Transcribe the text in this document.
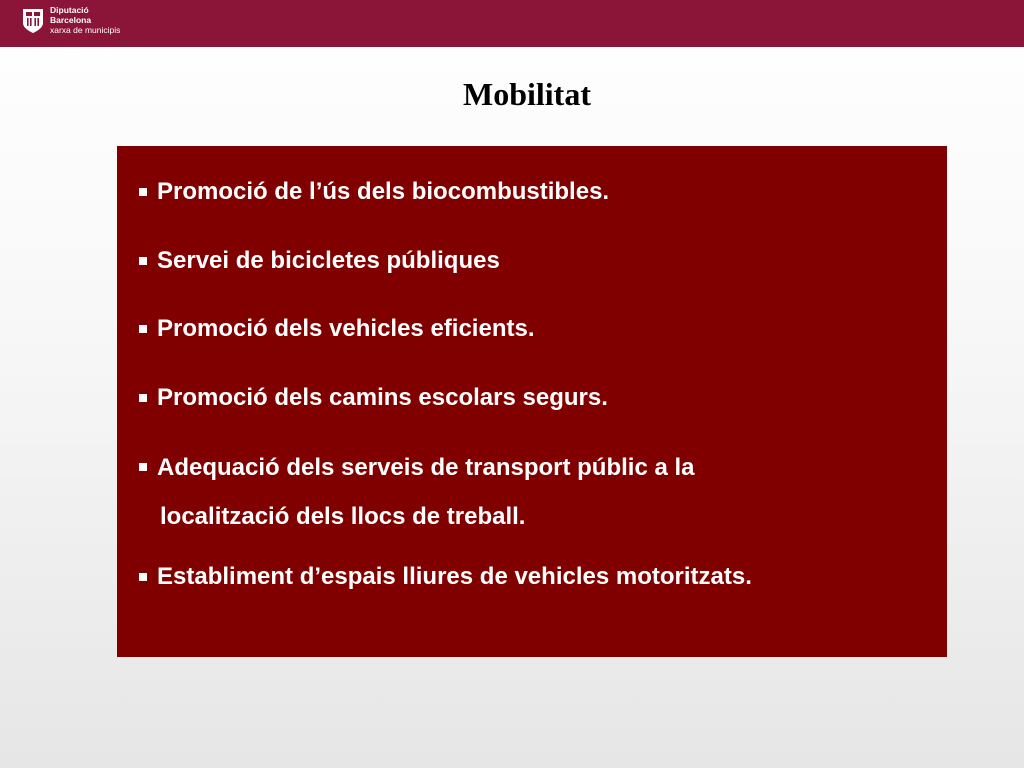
Diputació
Barcelona
xarxa de municipis
Mobilitat
Promoció de l’ús dels biocombustibles.
Servei de bicicletes públiques
Promoció dels vehicles eficients.
Promoció dels camins escolars segurs.
Adequació dels serveis de transport públic a la
localització dels llocs de treball.
Establiment d’espais lliures de vehicles motoritzats.
